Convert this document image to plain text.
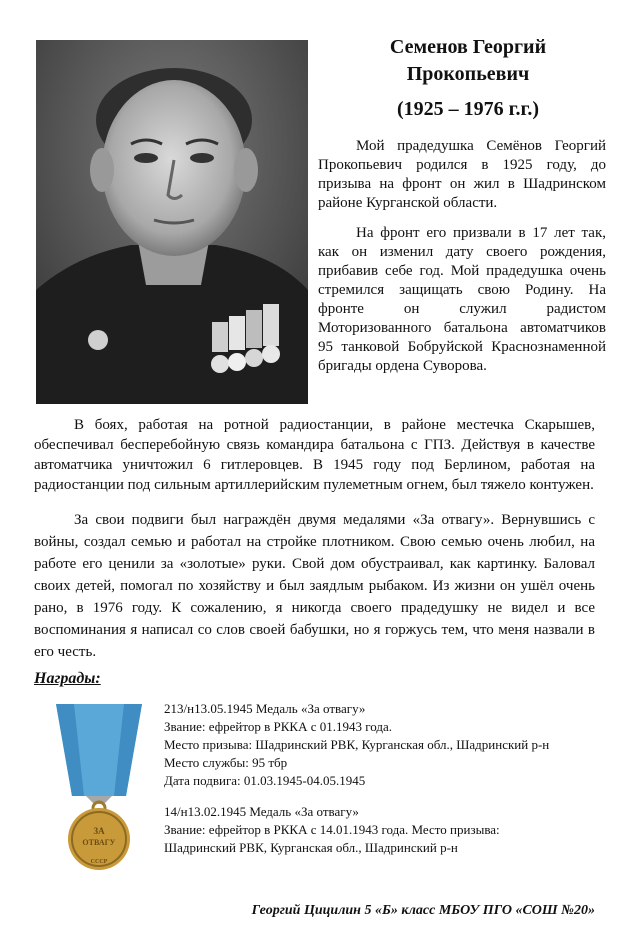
Семенов Георгий
Прокопьевич
(1925 – 1976 г.г.)

Мой прадедушка Семёнов Георгий Прокопьевич родился в 1925 году, до призыва на фронт он жил в Шадринском районе Курганской области.

На фронт его призвали в 17 лет так, как он изменил дату своего рождения, прибавив себе год. Мой прадедушка очень стремился защищать свою Родину. На фронте он служил радистом Моторизованного батальона автоматчиков 95 танковой Бобруйской Краснознаменной бригады ордена Суворова.

В боях, работая на ротной радиостанции, в районе местечка Скарышев, обеспечивал бесперебойную связь командира батальона с ГПЗ. Действуя в качестве автоматчика уничтожил 6 гитлеровцев. В 1945 году под Берлином, работая на радиостанции под сильным артиллерийским пулеметным огнем, был тяжело контужен.

За свои подвиги был награждён двумя медалями «За отвагу». Вернувшись с войны, создал семью и работал на стройке плотником. Свою семью очень любил, на работе его ценили за «золотые» руки. Свой дом обустраивал, как картинку. Баловал своих детей, помогал по хозяйству и был заядлым рыбаком. Из жизни он ушёл очень рано, в 1976 году. К сожалению, я никогда своего прадедушку не видел и все воспоминания я написал со слов своей бабушки, но я горжусь тем, что меня назвали в его честь.

Награды:
ЗА
ОТВАГУ
СССР
213/н13.05.1945 Медаль «За отвагу»
Звание: ефрейтор в РККА с 01.1943 года.
Место призыва: Шадринский РВК, Курганская обл., Шадринский р-н
Место службы: 95 тбр
Дата подвига: 01.03.1945-04.05.1945
14/н13.02.1945 Медаль «За отвагу»
Звание: ефрейтор в РККА с 14.01.1943 года. Место призыва:
Шадринский РВК, Курганская обл., Шадринский р-н
Георгий Цицилин 5 «Б» класс МБОУ ПГО «СОШ №20»
